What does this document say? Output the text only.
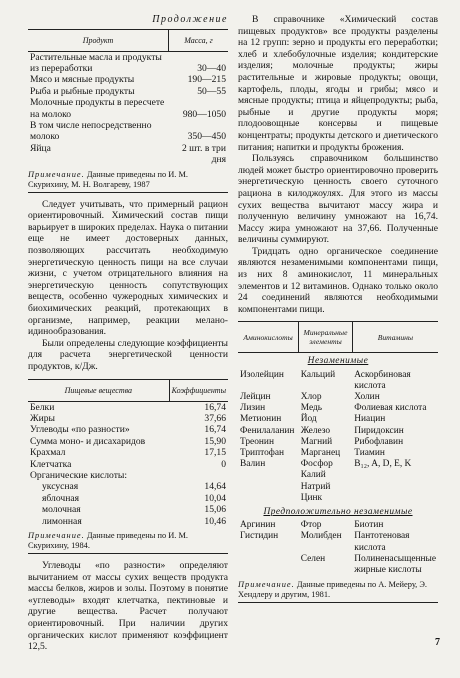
Продолжение
Продукт	Масса, г
Растительные масла и продукты из переработки	30—40
Мясо и мясные продукты	190—215
Рыба и рыбные продукты	50—55
Молочные продукты в пересчете на молоко	980—1050
В том числе непосредственно молоко	350—450
Яйца	2 шт. в три дня
Примечание. Данные приведены по И. М. Скурихину, М. Н. Волгареву, 1987

Следует учитывать, что примерный рацион ориентировочный. Химический состав пищи варьирует в широких пределах. Наука о питании еще не имеет достоверных данных, позволяющих рассчитать необходимую энергетическую ценность пищи на все случаи жизни, с учетом отрицательного влияния на энергетическую ценность сопутствующих веществ, особенно чужеродных химических и биохимических реакций, протекающих в организме, например, реакции меланоидинообразования.

Были определены следующие коэффициенты для расчета энергетической ценности продуктов, к/Дж.

Пищевые вещества	Коэффициенты
Белки	16,74
Жиры	37,66
Углеводы «по разности»	16,74
Сумма моно- и дисахаридов	15,90
Крахмал	17,15
Клетчатка	0
Органические кислоты:	
уксусная	14,64
яблочная	10,04
молочная	15,06
лимонная	10,46
Примечание. Данные приведены по И. М. Скурихину, 1984.

Углеводы «по разности» определяют вычитанием от массы сухих веществ продукта массы белков, жиров и золы. Поэтому в понятие «углеводы» входят клетчатка, пектиновые и другие вещества. Расчет получают ориентировочный. При наличии других органических кислот применяют коэффициент 12,5.

В справочнике «Химический состав пищевых продуктов» все продукты разделены на 12 групп: зерно и продукты его переработки; хлеб и хлебобулочные изделия; кондитерские изделия; молочные продукты; жиры растительные и жировые продукты; овощи, картофель, плоды, ягоды и грибы; мясо и мясные продукты; птица и яйцепродукты; рыба, рыбные и другие продукты моря; плодоовощные консервы и пищевые концентраты; продукты детского и диетического питания; напитки и продукты брожения.

Пользуясь справочником большинство людей может быстро ориентировочно проверить энергетическую ценность своего суточного рациона в килоджоулях. Для этого из массы сухих вещества вычитают массу жира и полученную величину умножают на 16,74. Массу жира умножают на 37,66. Полученные величины суммируют.

Тридцать одно органическое соединение являются незаменимыми компонентами пищи, из них 8 аминокислот, 11 минеральных элементов и 12 витаминов. Однако только около 24 соединений являются необходимыми компонентами пищи.

Аминокислоты	Минеральные элементы	Витамины
Незаменимые		
Изолейцин	Кальций	Аскорбиновая кислота
Лейцин	Хлор	Холин
Лизин	Медь	Фолиевая кислота
Метионин	Йод	Ниацин
Фенилаланин	Железо	Пиридоксин
Треонин	Магний	Рибофлавин
Триптофан	Марганец	Тиамин
Валин	Фосфор	B₁₂, A, D, E, K
	Калий	
	Натрий	
	Цинк	
Предположительно незаменимые		
Аргинин	Фтор	Биотин
Гистидин	Молибден	Пантотеновая кислота
	Селен	Полиненасыщенные жирные кислоты
Примечание. Данные приведены по А. Мейеру, Э. Хендлеру и другим, 1981.
7
